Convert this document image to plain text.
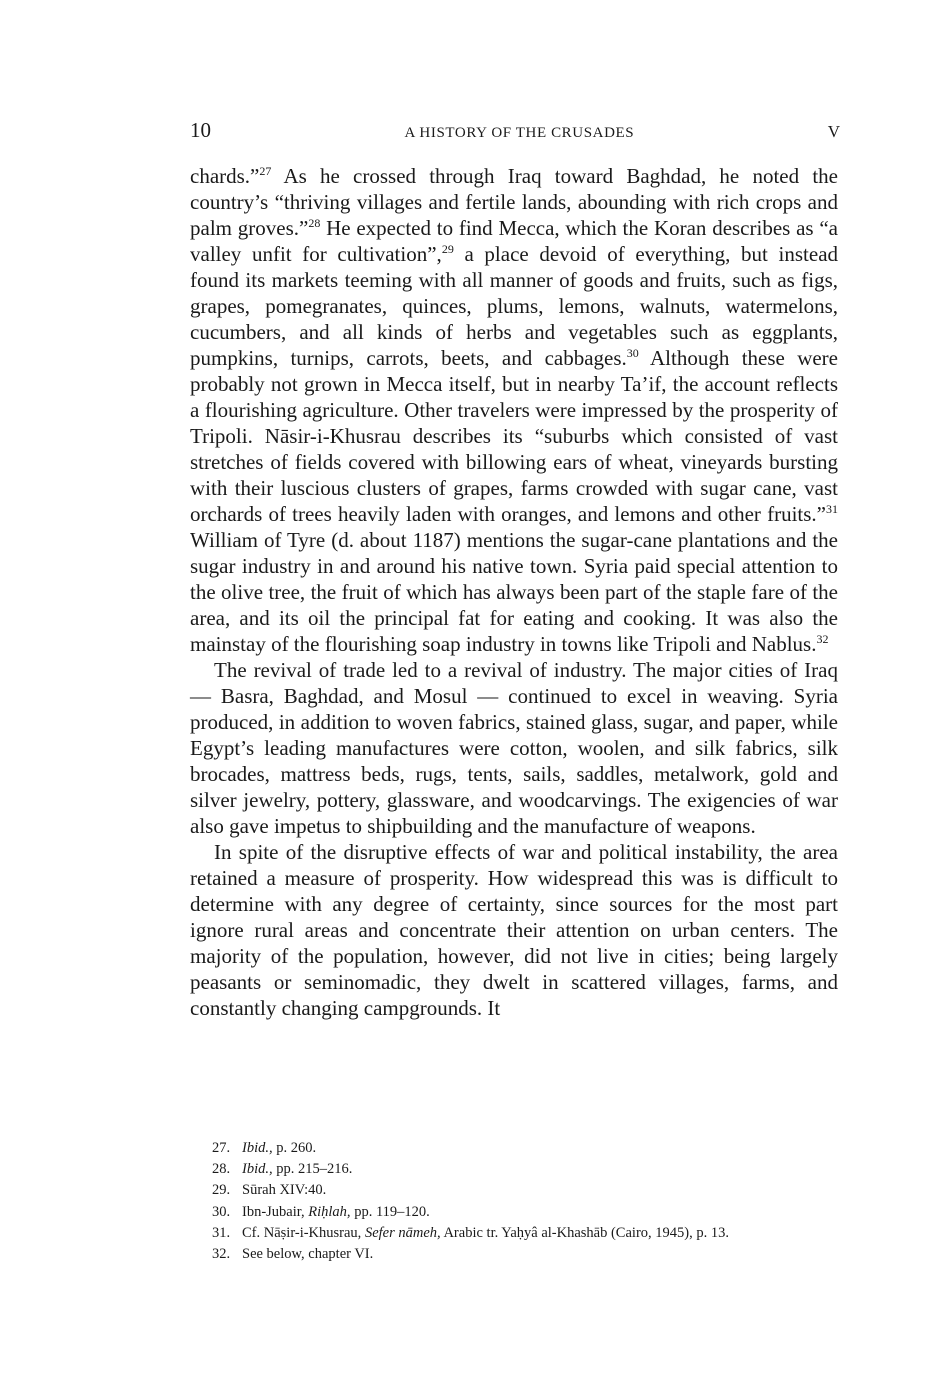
10	A HISTORY OF THE CRUSADES	V

chards.”$^{27}$ As he crossed through Iraq toward Baghdad, he noted the country’s “thriving villages and fertile lands, abounding with rich crops and palm groves.”$^{28}$ He expected to find Mecca, which the Koran describes as “a valley unfit for cultivation”,$^{29}$ a place devoid of everything, but instead found its markets teeming with all manner of goods and fruits, such as figs, grapes, pomegranates, quinces, plums, lemons, walnuts, watermelons, cucumbers, and all kinds of herbs and vegetables such as eggplants, pumpkins, turnips, carrots, beets, and cabbages.$^{30}$ Although these were probably not grown in Mecca itself, but in nearby Ta’if, the account reflects a flourishing agriculture. Other travelers were impressed by the prosperity of Tripoli. Nāsir-i-Khusrau describes its “suburbs which consisted of vast stretches of fields covered with billowing ears of wheat, vineyards bursting with their luscious clusters of grapes, farms crowded with sugar cane, vast orchards of trees heavily laden with oranges, and lemons and other fruits.”$^{31}$ William of Tyre (d. about 1187) mentions the sugar-cane plantations and the sugar industry in and around his native town. Syria paid special attention to the olive tree, the fruit of which has always been part of the staple fare of the area, and its oil the principal fat for eating and cooking. It was also the mainstay of the flourishing soap industry in towns like Tripoli and Nablus.$^{32}$

The revival of trade led to a revival of industry. The major cities of Iraq — Basra, Baghdad, and Mosul — continued to excel in weaving. Syria produced, in addition to woven fabrics, stained glass, sugar, and paper, while Egypt’s leading manufactures were cotton, woolen, and silk fabrics, silk brocades, mattress beds, rugs, tents, sails, saddles, metalwork, gold and silver jewelry, pottery, glassware, and woodcarvings. The exigencies of war also gave impetus to shipbuilding and the manufacture of weapons.

In spite of the disruptive effects of war and political instability, the area retained a measure of prosperity. How widespread this was is difficult to determine with any degree of certainty, since sources for the most part ignore rural areas and concentrate their attention on urban centers. The majority of the population, however, did not live in cities; being largely peasants or seminomadic, they dwelt in scattered villages, farms, and constantly changing campgrounds. It

27. Ibid., p. 260.
28. Ibid., pp. 215–216.
29. Sūrah XIV:40.
30. Ibn-Jubair, Riḥlah, pp. 119–120.
31. Cf. Nāṣir-i-Khusrau, Sefer nāmeh, Arabic tr. Yaḥyâ al-Khashāb (Cairo, 1945), p. 13.
32. See below, chapter VI.
